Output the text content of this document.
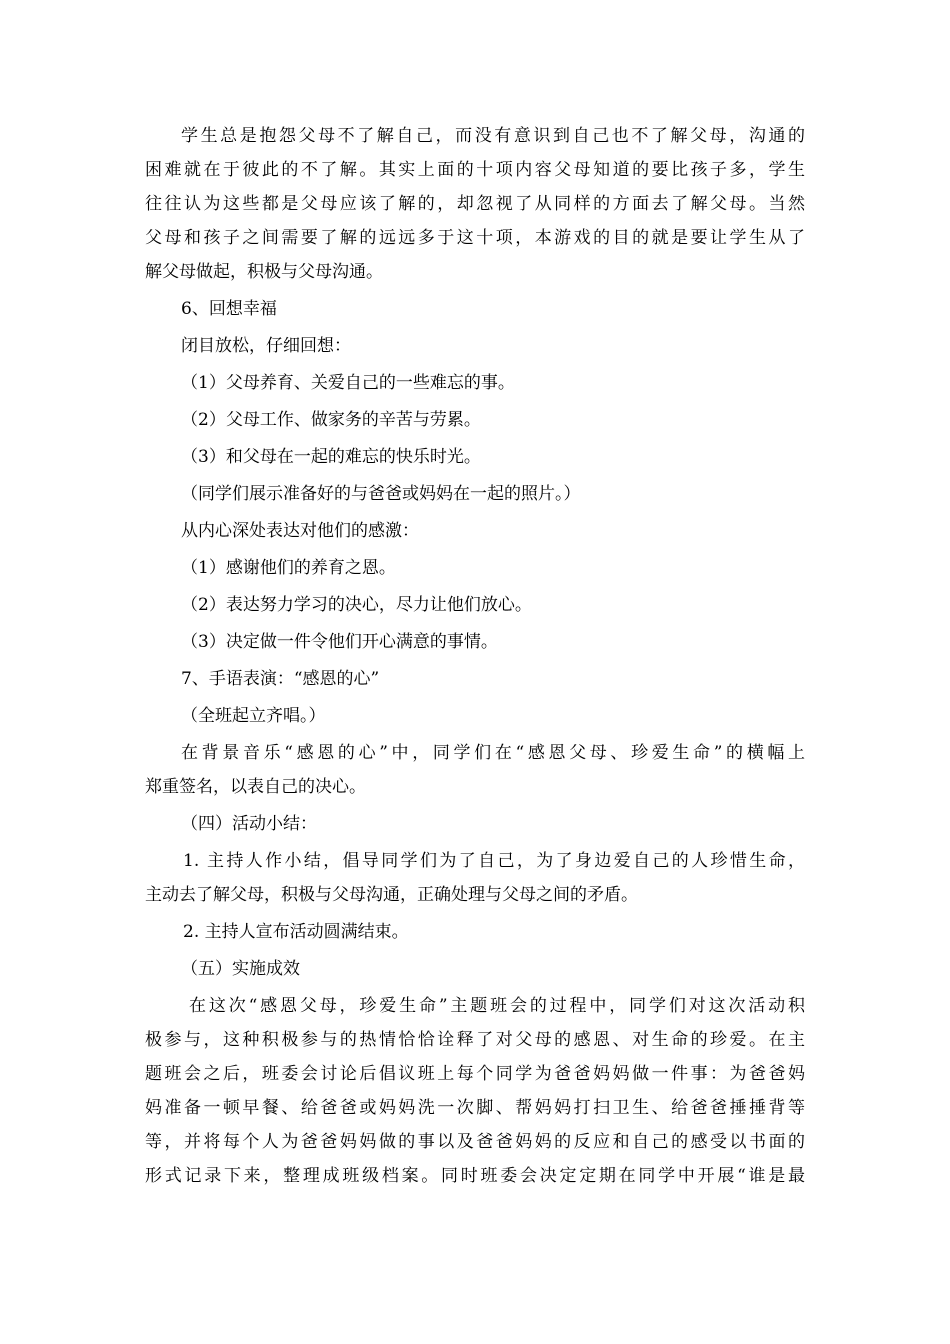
学生总是抱怨父母不了解自己，而没有意识到自己也不了解父母，沟通的
困难就在于彼此的不了解。其实上面的十项内容父母知道的要比孩子多，学生
往往认为这些都是父母应该了解的，却忽视了从同样的方面去了解父母。当然
父母和孩子之间需要了解的远远多于这十项，本游戏的目的就是要让学生从了
解父母做起，积极与父母沟通。

6、回想幸福

闭目放松，仔细回想：

（1）父母养育、关爱自己的一些难忘的事。

（2）父母工作、做家务的辛苦与劳累。

（3）和父母在一起的难忘的快乐时光。

（同学们展示准备好的与爸爸或妈妈在一起的照片。）

从内心深处表达对他们的感激：

（1）感谢他们的养育之恩。

（2）表达努力学习的决心，尽力让他们放心。

（3）决定做一件令他们开心满意的事情。

7、手语表演：“感恩的心”

（全班起立齐唱。）

在背景音乐“感恩的心”中，同学们在“感恩父母、珍爱生命”的横幅上
郑重签名，以表自己的决心。

（四）活动小结：

1. 主持人作小结，倡导同学们为了自己，为了身边爱自己的人珍惜生命，
主动去了解父母，积极与父母沟通，正确处理与父母之间的矛盾。

2. 主持人宣布活动圆满结束。

（五）实施成效

在这次“感恩父母，珍爱生命”主题班会的过程中，同学们对这次活动积
极参与，这种积极参与的热情恰恰诠释了对父母的感恩、对生命的珍爱。在主
题班会之后，班委会讨论后倡议班上每个同学为爸爸妈妈做一件事：为爸爸妈
妈准备一顿早餐、给爸爸或妈妈洗一次脚、帮妈妈打扫卫生、给爸爸捶捶背等
等，并将每个人为爸爸妈妈做的事以及爸爸妈妈的反应和自己的感受以书面的
形式记录下来，整理成班级档案。同时班委会决定定期在同学中开展“谁是最
